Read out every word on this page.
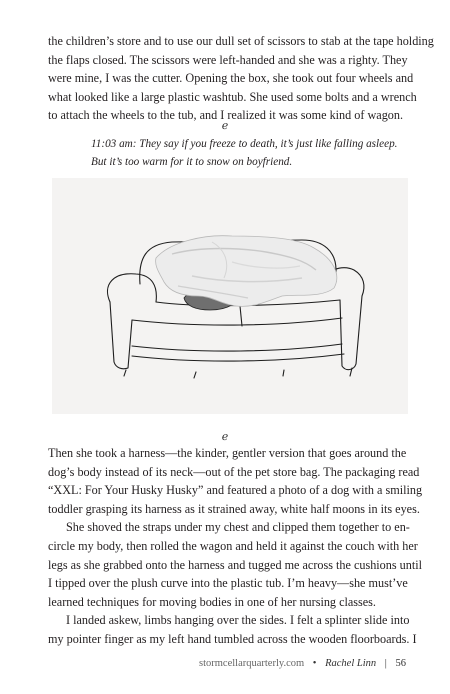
the children’s store and to use our dull set of scissors to stab at the tape holding
the flaps closed. The scissors were left-handed and she was a righty. They
were mine, I was the cutter. Opening the box, she took out four wheels and
what looked like a large plastic washtub. She used some bolts and a wrench
to attach the wheels to the tub, and I realized it was some kind of wagon.

ℯ

11:03 am: They say if you freeze to death, it’s just like falling asleep.
But it’s too warm for it to snow on boyfriend.

ℯ

Then she took a harness—the kinder, gentler version that goes around the
dog’s body instead of its neck—out of the pet store bag. The packaging read
“XXL: For Your Husky Husky” and featured a photo of a dog with a smiling
toddler grasping its harness as it strained away, white half moons in its eyes.

She shoved the straps under my chest and clipped them together to en-
circle my body, then rolled the wagon and held it against the couch with her
legs as she grabbed onto the harness and tugged me across the cushions until
I tipped over the plush curve into the plastic tub. I’m heavy—she must’ve
learned techniques for moving bodies in one of her nursing classes.

I landed askew, limbs hanging over the sides. I felt a splinter slide into
my pointer finger as my left hand tumbled across the wooden floorboards. I

stormcellarquarterly.com • Rachel Linn | 56
